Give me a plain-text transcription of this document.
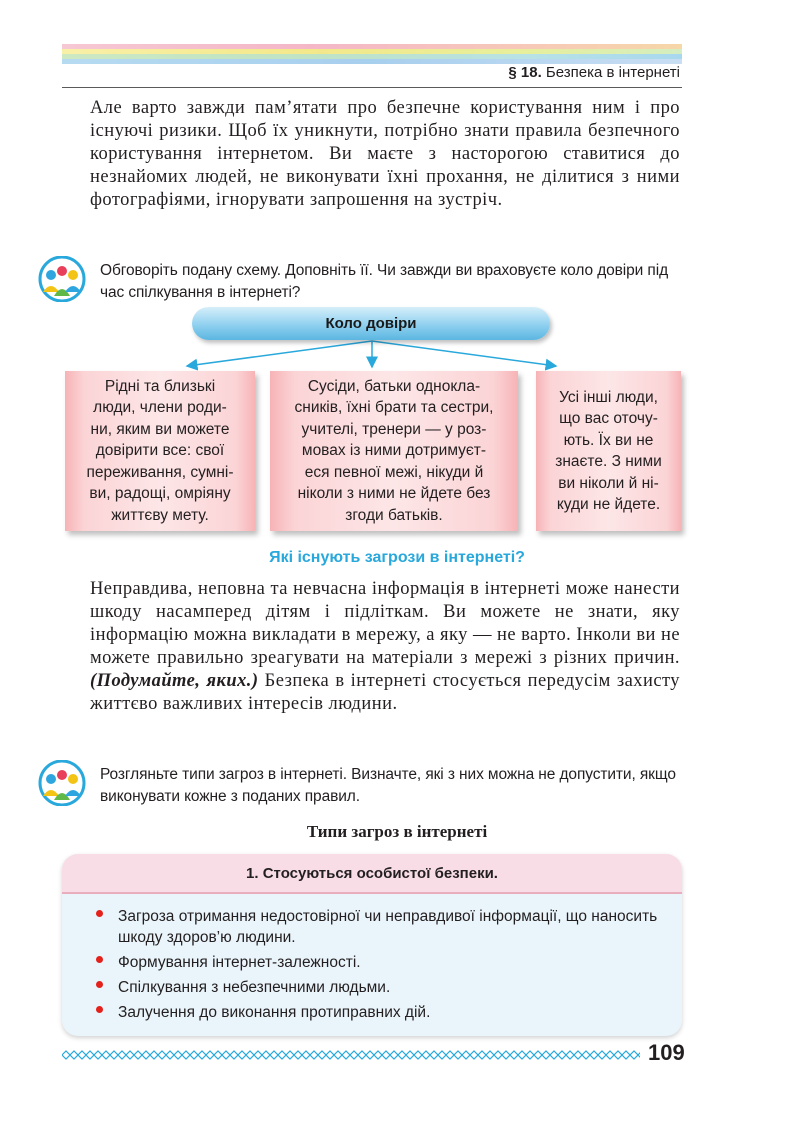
§ 18. Безпека в інтернеті
Але варто завжди пам’ятати про безпечне користування ним і про існуючі ризики. Щоб їх уникнути, потрібно знати правила безпечного користування інтернетом. Ви маєте з насторогою ставитися до незнайомих людей, не виконувати їхні прохання, не ділитися з ними фотографіями, ігнорувати запрошення на зустріч.
Обговоріть подану схему. Доповніть її. Чи завжди ви враховуєте коло довіри під час спілкування в інтернеті?
Коло довіри
Рідні та близькі
люди, члени роди-
ни, яким ви можете
довірити все: свої
переживання, сумні-
ви, радощі, омріяну
життєву мету.
Сусіди, батьки однокла-
сників, їхні брати та сестри,
учителі, тренери — у роз-
мовах із ними дотримуєт-
еся певної межі, нікуди й
ніколи з ними не йдете без
згоди батьків.
Усі інші люди,
що вас оточу-
ють. Їх ви не
знаєте. З ними
ви ніколи й ні-
куди не йдете.
Які існують загрози в інтернеті?
Неправдива, неповна та невчасна інформація в інтернеті може нанести шкоду насамперед дітям і підліткам. Ви можете не знати, яку інформацію можна викладати в мережу, а яку — не варто. Інколи ви не можете правильно зреагувати на матеріали з мережі з різних причин. (Подумайте, яких.) Безпека в інтернеті стосується передусім захисту життєво важливих інтересів людини.
Розгляньте типи загроз в інтернеті. Визначте, які з них можна не допустити, якщо виконувати кожне з поданих правил.
Типи загроз в інтернеті
1. Стосуються особистої безпеки.
Загроза отримання недостовірної чи неправдивої інформації, що наносить шкоду здоров’ю людини.
Формування інтернет-залежності.
Спілкування з небезпечними людьми.
Залучення до виконання протиправних дій.
109
